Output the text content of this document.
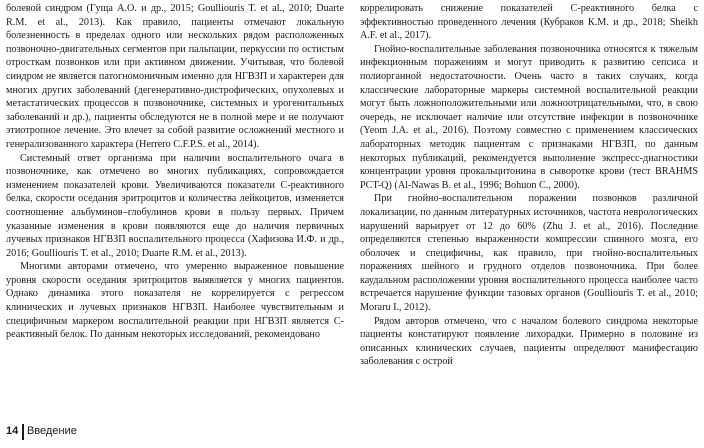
болевой синдром (Гуща А.О. и др., 2015; Goulliouris T. et al., 2010; Duarte R.M. et al., 2013). Как правило, пациенты отмечают локальную болезненность в пределах одного или нескольких рядом расположенных позвоночно-двигательных сегментов при пальпации, перкуссии по остистым отросткам позвонков или при активном движении. Учитывая, что болевой синдром не является патогномоничным именно для НГВЗП и характерен для многих других заболеваний (дегенеративно-дистрофических, опухолевых и метастатических процессов в позвоночнике, системных и урогенитальных заболеваний и др.), пациенты обследуются не в полной мере и не получают этиотропное лечение. Это влечет за собой развитие осложнений местного и генерализованного характера (Herrero C.F.P.S. et al., 2014).

Системный ответ организма при наличии воспалительного очага в позвоночнике, как отмечено во многих публикациях, сопровождается изменением показателей крови. Увеличиваются показатели С-реактивного белка, скорости оседания эритроцитов и количества лейкоцитов, изменяется соотношение альбуминов–глобулинов крови в пользу первых. Причем указанные изменения в крови появляются еще до наличия первичных лучевых признаков НГВЗП воспалительного процесса (Хафизова И.Ф. и др., 2016; Goulliouris T. et al., 2010; Duarte R.M. et al., 2013).

Многими авторами отмечено, что умеренно выраженное повышение уровня скорости оседания эритроцитов выявляется у многих пациентов. Однако динамика этого показателя не коррелируется с регрессом клинических и лучевых признаков НГВЗП. Наиболее чувствительным и специфичным маркером воспалительной реакции при НГВЗП является С-реактивный белок. По данным некоторых исследований, рекомендовано

коррелировать снижение показателей С-реактивного белка с эффективностью проведенного лечения (Кубраков К.М. и др., 2018; Sheikh A.F. et al., 2017).

Гнойно-воспалительные заболевания позвоночника относятся к тяжелым инфекционным поражениям и могут приводить к развитию сепсиса и полиорганной недостаточности. Очень часто в таких случаях, когда классические лабораторные маркеры системной воспалительной реакции могут быть ложноположительными или ложноотрицательными, что, в свою очередь, не исключает наличие или отсутствие инфекции в позвоночнике (Yeom J.A. et al., 2016). Поэтому совместно с применением классических лабораторных методик пациентам с признаками НГВЗП, по данным некоторых публикаций, рекомендуется выполнение экспресс-диагностики концентрации уровня прокальцитонина в сыворотке крови (тест BRAHMS PCT-Q) (Al-Nawas B. et al., 1996; Bohuon C., 2000).

При гнойно-воспалительном поражении позвонков различной локализации, по данным литературных источников, частота неврологических нарушений варьирует от 12 до 60% (Zhu J. et al., 2016). Последние определяются степенью выраженности компрессии спинного мозга, его оболочек и специфичны, как правило, при гнойно-воспалительных поражениях шейного и грудного отделов позвоночника. При более каудальном расположении уровня воспалительного процесса наиболее часто встречается нарушение функции тазовых органов (Goulliouris T. et al., 2010; Moraru I., 2012).

Рядом авторов отмечено, что с началом болевого синдрома некоторые пациенты констатируют появление лихорадки. Примерно в половине из описанных клинических случаев, пациенты определяют манифестацию заболевания с острой

14 Введение
